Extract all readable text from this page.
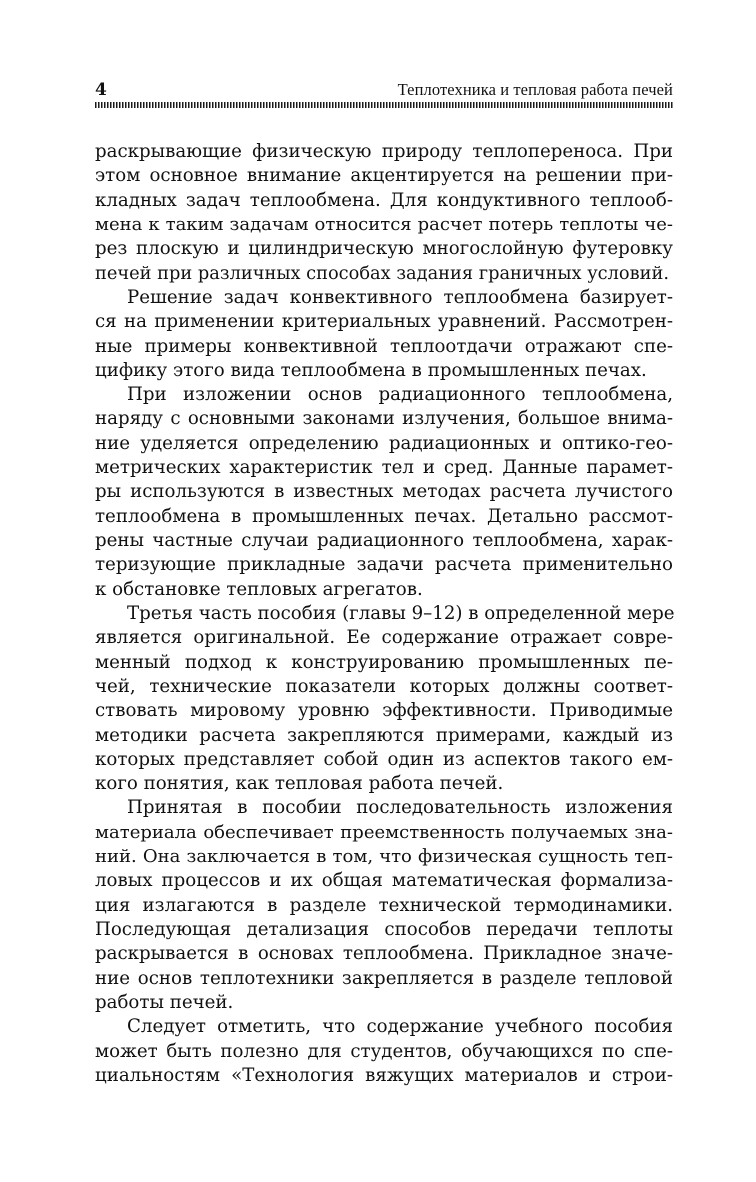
4	Теплотехника и тепловая работа печей
раскрывающие физическую природу теплопереноса. При
этом основное внимание акцентируется на решении при-
кладных задач теплообмена. Для кондуктивного теплооб-
мена к таким задачам относится расчет потерь теплоты че-
рез плоскую и цилиндрическую многослойную футеровку
печей при различных способах задания граничных условий.
Решение задач конвективного теплообмена базирует-
ся на применении критериальных уравнений. Рассмотрен-
ные примеры конвективной теплоотдачи отражают спе-
цифику этого вида теплообмена в промышленных печах.
При изложении основ радиационного теплообмена,
наряду с основными законами излучения, большое внима-
ние уделяется определению радиационных и оптико-гео-
метрических характеристик тел и сред. Данные парамет-
ры используются в известных методах расчета лучистого
теплообмена в промышленных печах. Детально рассмот-
рены частные случаи радиационного теплообмена, харак-
теризующие прикладные задачи расчета применительно
к обстановке тепловых агрегатов.
Третья часть пособия (главы 9–12) в определенной мере
является оригинальной. Ее содержание отражает совре-
менный подход к конструированию промышленных пе-
чей, технические показатели которых должны соответ-
ствовать мировому уровню эффективности. Приводимые
методики расчета закрепляются примерами, каждый из
которых представляет собой один из аспектов такого ем-
кого понятия, как тепловая работа печей.
Принятая в пособии последовательность изложения
материала обеспечивает преемственность получаемых зна-
ний. Она заключается в том, что физическая сущность теп-
ловых процессов и их общая математическая формализа-
ция излагаются в разделе технической термодинамики.
Последующая детализация способов передачи теплоты
раскрывается в основах теплообмена. Прикладное значе-
ние основ теплотехники закрепляется в разделе тепловой
работы печей.
Следует отметить, что содержание учебного пособия
может быть полезно для студентов, обучающихся по спе-
циальностям «Технология вяжущих материалов и строи-
